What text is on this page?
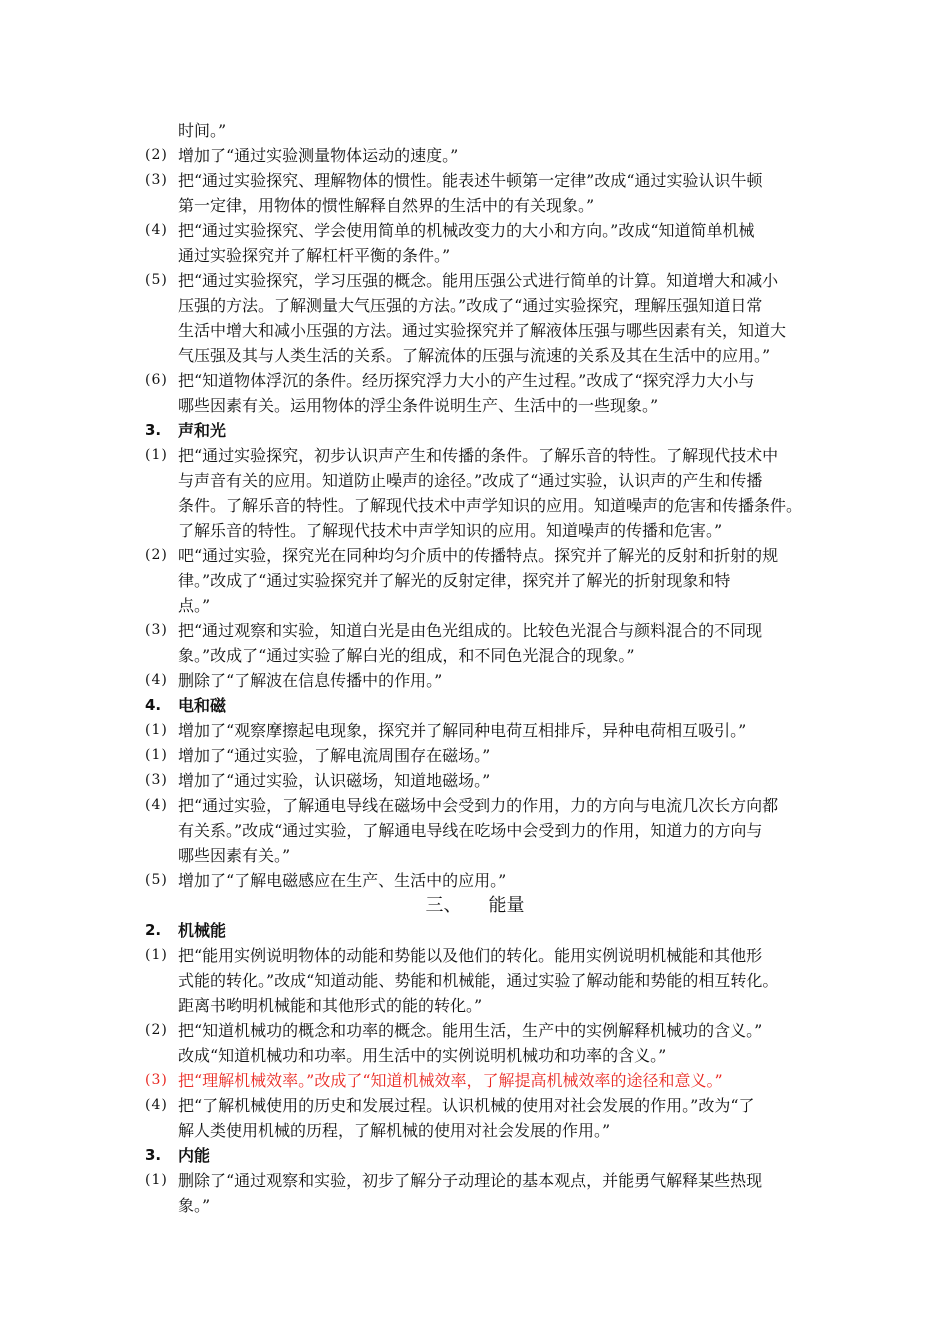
时间。”
(2) 增加了“通过实验测量物体运动的速度。”
(3) 把“通过实验探究、理解物体的惯性。能表述牛顿第一定律”改成“通过实验认识牛顿
第一定律，用物体的惯性解释自然界的生活中的有关现象。”
(4) 把“通过实验探究、学会使用简单的机械改变力的大小和方向。”改成“知道简单机械
通过实验探究并了解杠杆平衡的条件。”
(5) 把“通过实验探究，学习压强的概念。能用压强公式进行简单的计算。知道增大和减小
压强的方法。了解测量大气压强的方法。”改成了“通过实验探究，理解压强知道日常
生活中增大和减小压强的方法。通过实验探究并了解液体压强与哪些因素有关，知道大
气压强及其与人类生活的关系。了解流体的压强与流速的关系及其在生活中的应用。”
(6) 把“知道物体浮沉的条件。经历探究浮力大小的产生过程。”改成了“探究浮力大小与
哪些因素有关。运用物体的浮尘条件说明生产、生活中的一些现象。”
3. 声和光
(1) 把“通过实验探究，初步认识声产生和传播的条件。了解乐音的特性。了解现代技术中
与声音有关的应用。知道防止噪声的途径。”改成了“通过实验，认识声的产生和传播
条件。了解乐音的特性。了解现代技术中声学知识的应用。知道噪声的危害和传播条件。
了解乐音的特性。了解现代技术中声学知识的应用。知道噪声的传播和危害。”
(2) 吧“通过实验，探究光在同种均匀介质中的传播特点。探究并了解光的反射和折射的规
律。”改成了“通过实验探究并了解光的反射定律，探究并了解光的折射现象和特
点。”
(3) 把“通过观察和实验，知道白光是由色光组成的。比较色光混合与颜料混合的不同现
象。”改成了“通过实验了解白光的组成，和不同色光混合的现象。”
(4) 删除了“了解波在信息传播中的作用。”
4. 电和磁
(1) 增加了“观察摩擦起电现象，探究并了解同种电荷互相排斥，异种电荷相互吸引。”
(1) 增加了“通过实验，了解电流周围存在磁场。”
(3) 增加了“通过实验，认识磁场，知道地磁场。”
(4) 把“通过实验，了解通电导线在磁场中会受到力的作用，力的方向与电流几次长方向都
有关系。”改成“通过实验，了解通电导线在吃场中会受到力的作用，知道力的方向与
哪些因素有关。”
(5) 增加了“了解电磁感应在生产、生活中的应用。”
三、　　能量
2. 机械能
(1) 把“能用实例说明物体的动能和势能以及他们的转化。能用实例说明机械能和其他形
式能的转化。”改成“知道动能、势能和机械能，通过实验了解动能和势能的相互转化。
距离书哟明机械能和其他形式的能的转化。”
(2) 把“知道机械功的概念和功率的概念。能用生活，生产中的实例解释机械功的含义。”
改成“知道机械功和功率。用生活中的实例说明机械功和功率的含义。”
(3) 把“理解机械效率。”改成了“知道机械效率，了解提高机械效率的途径和意义。”
(4) 把“了解机械使用的历史和发展过程。认识机械的使用对社会发展的作用。”改为“了
解人类使用机械的历程，了解机械的使用对社会发展的作用。”
3. 内能
(1) 删除了“通过观察和实验，初步了解分子动理论的基本观点，并能勇气解释某些热现
象。”
